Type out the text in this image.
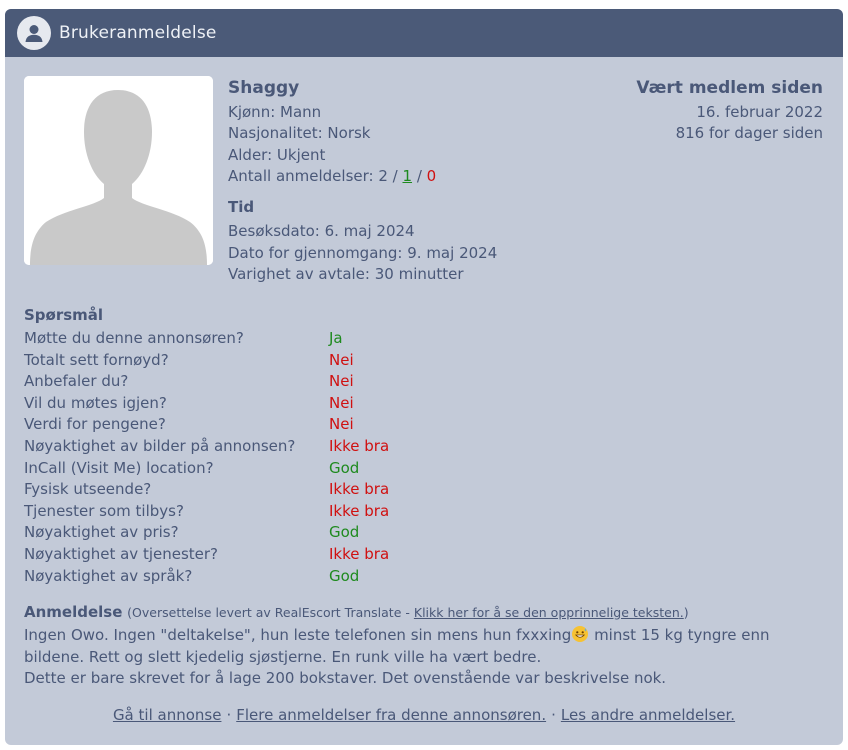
Brukeranmeldelse
Shaggy
Kjønn: Mann
Nasjonalitet: Norsk
Alder: Ukjent
Antall anmeldelser: 2 / 1 / 0
Tid
Besøksdato: 6. maj 2024
Dato for gjennomgang: 9. maj 2024
Varighet av avtale: 30 minutter
Vært medlem siden
16. februar 2022
816 for dager siden
Spørsmål
Møtte du denne annonsøren?	Ja
Totalt sett fornøyd?	Nei
Anbefaler du?	Nei
Vil du møtes igjen?	Nei
Verdi for pengene?	Nei
Nøyaktighet av bilder på annonsen?	Ikke bra
InCall (Visit Me) location?	God
Fysisk utseende?	Ikke bra
Tjenester som tilbys?	Ikke bra
Nøyaktighet av pris?	God
Nøyaktighet av tjenester?	Ikke bra
Nøyaktighet av språk?	God
Anmeldelse (Oversettelse levert av RealEscort Translate - Klikk her for å se den opprinnelige teksten.)
Ingen Owo. Ingen "deltakelse", hun leste telefonen sin mens hun fxxxing
minst 15 kg tyngre enn
bildene. Rett og slett kjedelig sjøstjerne. En runk ville ha vært bedre.
Dette er bare skrevet for å lage 200 bokstaver. Det ovenstående var beskrivelse nok.
Gå til annonse · Flere anmeldelser fra denne annonsøren. · Les andre anmeldelser.
